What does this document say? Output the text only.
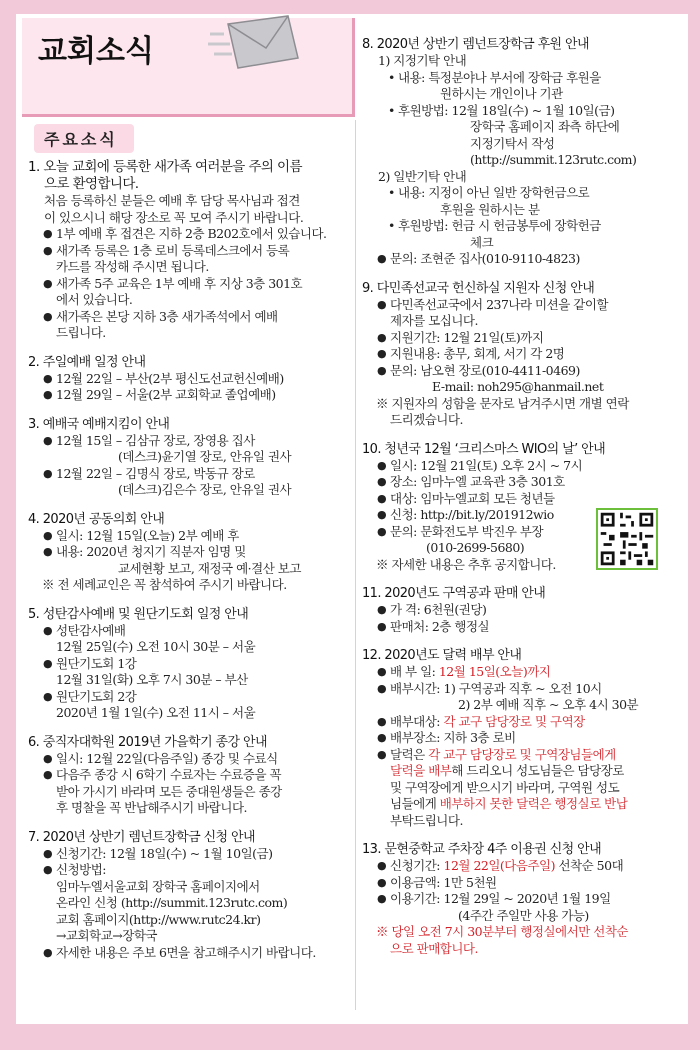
교회소식
주요소식
1. 오늘 교회에 등록한 새가족 여러분을 주의 이름
으로 환영합니다.
처음 등록하신 분들은 예배 후 담당 목사님과 접견
이 있으시니 해당 장소로 꼭 모여 주시기 바랍니다.
● 1부 예배 후 접견은 지하 2층 B202호에서 있습니다.
● 새가족 등록은 1층 로비 등록데스크에서 등록
카드를 작성해 주시면 됩니다.
● 새가족 5주 교육은 1부 예배 후 지상 3층 301호
에서 있습니다.
● 새가족은 본당 지하 3층 새가족석에서 예배
드립니다.
2. 주일예배 일정 안내
● 12월 22일 – 부산(2부 평신도선교헌신예배)
● 12월 29일 – 서울(2부 교회학교 졸업예배)
3. 예배국 예배지킴이 안내
● 12월 15일 – 김삼규 장로, 장영용 집사
(데스크)윤기열 장로, 안유일 권사
● 12월 22일 – 김명식 장로, 박동규 장로
(데스크)김은수 장로, 안유일 권사
4. 2020년 공동의회 안내
● 일시: 12월 15일(오늘) 2부 예배 후
● 내용: 2020년 청지기 직분자 임명 및
교세현황 보고, 재정국 예·결산 보고
※ 전 세례교인은 꼭 참석하여 주시기 바랍니다.
5. 성탄감사예배 및 원단기도회 일정 안내
● 성탄감사예배
12월 25일(수) 오전 10시 30분 – 서울
● 원단기도회 1강
12월 31일(화) 오후 7시 30분 – 부산
● 원단기도회 2강
2020년 1월 1일(수) 오전 11시 – 서울
6. 중직자대학원 2019년 가을학기 종강 안내
● 일시: 12월 22일(다음주일) 종강 및 수료식
● 다음주 종강 시 6학기 수료자는 수료증을 꼭
받아 가시기 바라며 모든 중대원생들은 종강
후 명찰을 꼭 반납해주시기 바랍니다.
7. 2020년 상반기 렘넌트장학금 신청 안내
● 신청기간: 12월 18일(수) ~ 1월 10일(금)
● 신청방법:
임마누엘서울교회 장학국 홈페이지에서
온라인 신청 (http://summit.123rutc.com)
교회 홈페이지(http://www.rutc24.kr)
→교회학교→장학국
● 자세한 내용은 주보 6면을 참고해주시기 바랍니다.
8. 2020년 상반기 렘넌트장학금 후원 안내
1) 지정기탁 안내
• 내용: 특정분야나 부서에 장학금 후원을
원하시는 개인이나 기관
• 후원방법: 12월 18일(수) ~ 1월 10일(금)
장학국 홈페이지 좌측 하단에
지정기탁서 작성
(http://summit.123rutc.com)
2) 일반기탁 안내
• 내용: 지정이 아닌 일반 장학헌금으로
후원을 원하시는 분
• 후원방법: 헌금 시 헌금봉투에 장학헌금
체크
● 문의: 조현준 집사(010-9110-4823)
9. 다민족선교국 헌신하실 지원자 신청 안내
● 다민족선교국에서 237나라 미션을 같이할
제자를 모십니다.
● 지원기간: 12월 21일(토)까지
● 지원내용: 총무, 회계, 서기 각 2명
● 문의: 남오현 장로(010-4411-0469)
E-mail: noh295@hanmail.net
※ 지원자의 성함을 문자로 남겨주시면 개별 연락
드리겠습니다.
10. 청년국 12월 ‘크리스마스 WIO의 날’ 안내
● 일시: 12월 21일(토) 오후 2시 ~ 7시
● 장소: 임마누엘 교육관 3층 301호
● 대상: 임마누엘교회 모든 청년들
● 신청: http://bit.ly/201912wio
● 문의: 문화전도부 박진우 부장
(010-2699-5680)
※ 자세한 내용은 추후 공지합니다.
11. 2020년도 구역공과 판매 안내
● 가 격: 6천원(권당)
● 판매처: 2층 행정실
12. 2020년도 달력 배부 안내
● 배 부 일: 12월 15일(오늘)까지
● 배부시간: 1) 구역공과 직후 ~ 오전 10시
2) 2부 예배 직후 ~ 오후 4시 30분
● 배부대상: 각 교구 담당장로 및 구역장
● 배부장소: 지하 3층 로비
● 달력은 각 교구 담당장로 및 구역장님들에게
달력을 배부해 드리오니 성도님들은 담당장로
및 구역장에게 받으시기 바라며, 구역원 성도
님들에게 배부하지 못한 달력은 행정실로 반납
부탁드립니다.
13. 문현중학교 주차장 4주 이용권 신청 안내
● 신청기간: 12월 22일(다음주일) 선착순 50대
● 이용금액: 1만 5천원
● 이용기간: 12월 29일 ~ 2020년 1월 19일
(4주간 주일만 사용 가능)
※ 당일 오전 7시 30분부터 행정실에서만 선착순
으로 판매합니다.
